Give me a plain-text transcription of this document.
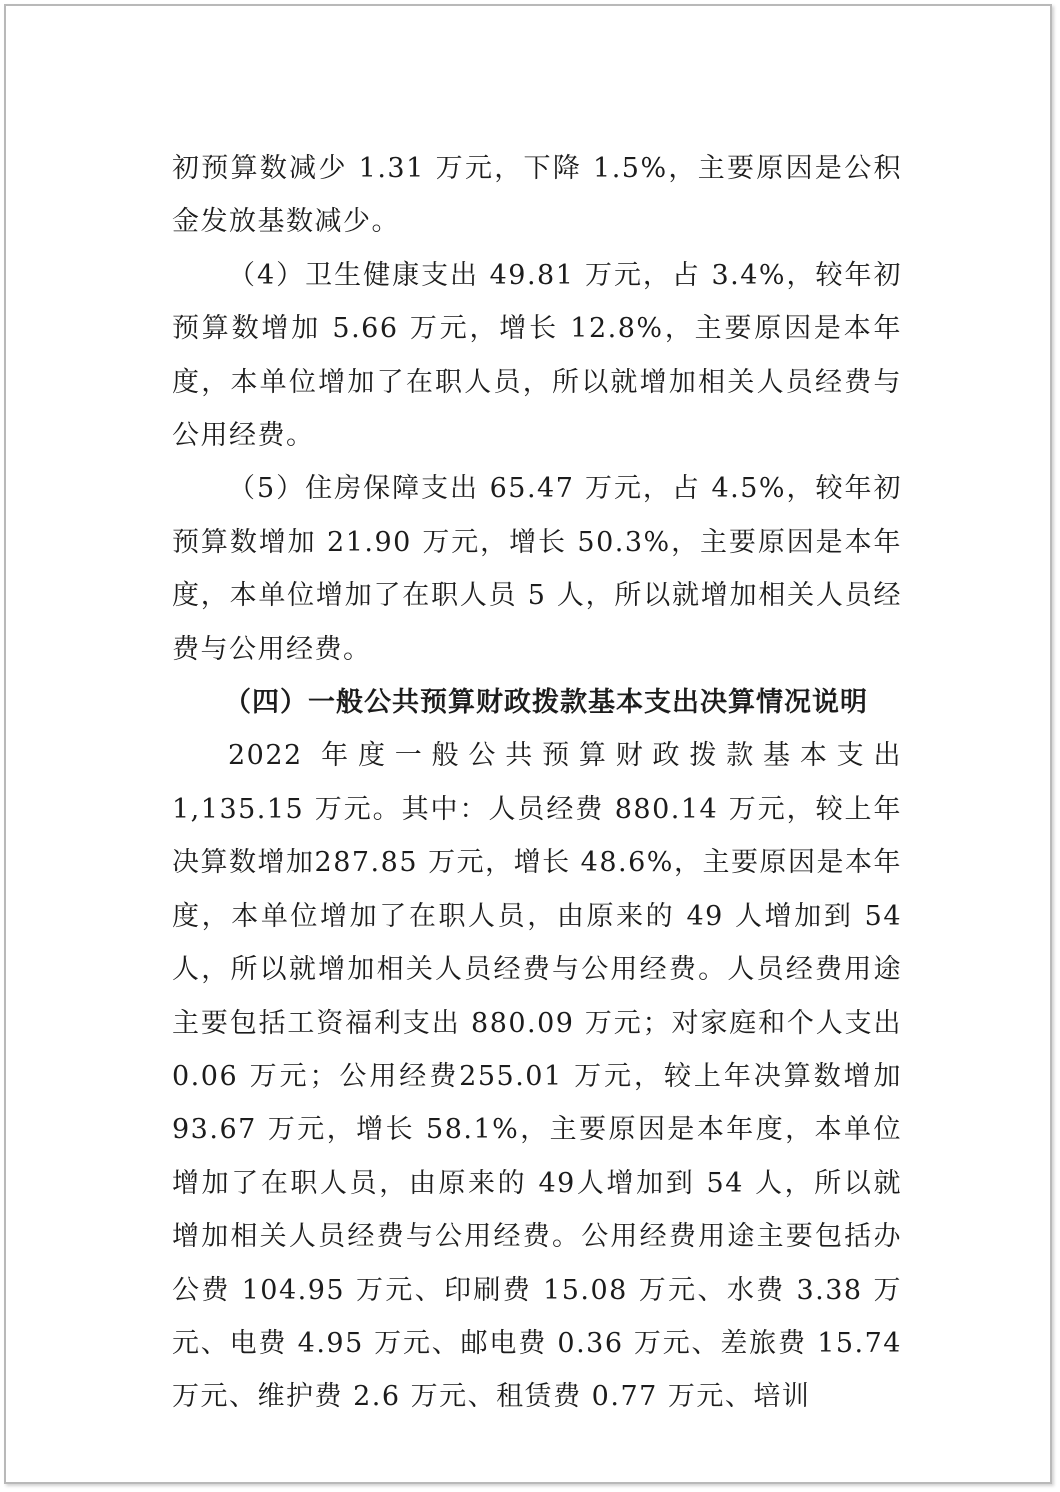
初预算数减少 1.31 万元，下降 1.5%，主要原因是公积金发放基数减少。

（4）卫生健康支出 49.81 万元，占 3.4%，较年初预算数增加 5.66 万元，增长 12.8%，主要原因是本年度，本单位增加了在职人员，所以就增加相关人员经费与公用经费。

（5）住房保障支出 65.47 万元，占 4.5%，较年初预算数增加 21.90 万元，增长 50.3%，主要原因是本年度，本单位增加了在职人员 5 人，所以就增加相关人员经费与公用经费。

（四）一般公共预算财政拨款基本支出决算情况说明

2022 年度一般公共预算财政拨款基本支出 1,135.15 万元。其中：人员经费 880.14 万元，较上年决算数增加287.85 万元，增长 48.6%，主要原因是本年度，本单位增加了在职人员，由原来的 49 人增加到 54 人，所以就增加相关人员经费与公用经费。人员经费用途主要包括工资福利支出 880.09 万元；对家庭和个人支出 0.06 万元；公用经费255.01 万元，较上年决算数增加 93.67 万元，增长 58.1%，主要原因是本年度，本单位增加了在职人员，由原来的 49人增加到 54 人，所以就增加相关人员经费与公用经费。公用经费用途主要包括办公费 104.95 万元、印刷费 15.08 万元、水费 3.38 万元、电费 4.95 万元、邮电费 0.36 万元、差旅费 15.74 万元、维护费 2.6 万元、租赁费 0.77 万元、培训
